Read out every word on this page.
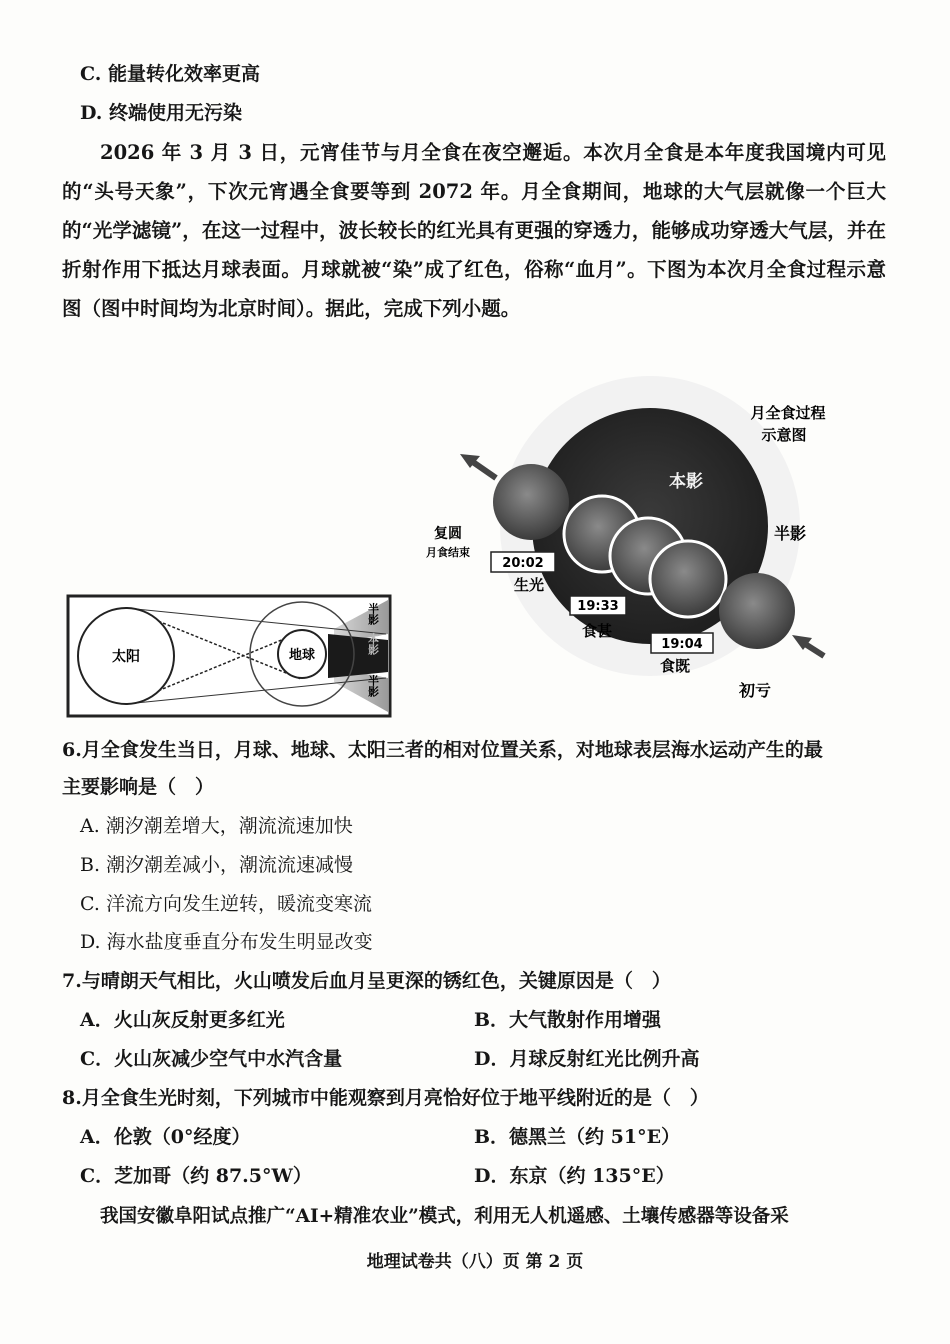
C. 能量转化效率更高
D. 终端使用无污染
2026 年 3 月 3 日，元宵佳节与月全食在夜空邂逅。本次月全食是本年度我国境内可见的“头号天象”，下次元宵遇全食要等到 2072 年。月全食期间，地球的大气层就像一个巨大的“光学滤镜”，在这一过程中，波长较长的红光具有更强的穿透力，能够成功穿透大气层，并在折射作用下抵达月球表面。月球就被“染”成了红色，俗称“血月”。下图为本次月全食过程示意图（图中时间均为北京时间）。据此，完成下列小题。
太阳	地球
半影
本影
半影
本影
月全食过程
示意图
半影
复圆
月食结束
20:02
生光
19:33
食甚
19:04
食既
初亏
6.月全食发生当日，月球、地球、太阳三者的相对位置关系，对地球表层海水运动产生的最
主要影响是（　）
A. 潮汐潮差增大，潮流流速加快
B. 潮汐潮差减小，潮流流速减慢
C. 洋流方向发生逆转，暖流变寒流
D. 海水盐度垂直分布发生明显改变
7.与晴朗天气相比，火山喷发后血月呈更深的锈红色，关键原因是（　）
A．火山灰反射更多红光	B．大气散射作用增强
C．火山灰减少空气中水汽含量	D．月球反射红光比例升高
8.月全食生光时刻，下列城市中能观察到月亮恰好位于地平线附近的是（　）
A．伦敦（0°经度）	B．德黑兰（约 51°E）
C．芝加哥（约 87.5°W）	D．东京（约 135°E）
我国安徽阜阳试点推广“AI+精准农业”模式，利用无人机遥感、土壤传感器等设备采
地理试卷共（八）页 第 2 页
